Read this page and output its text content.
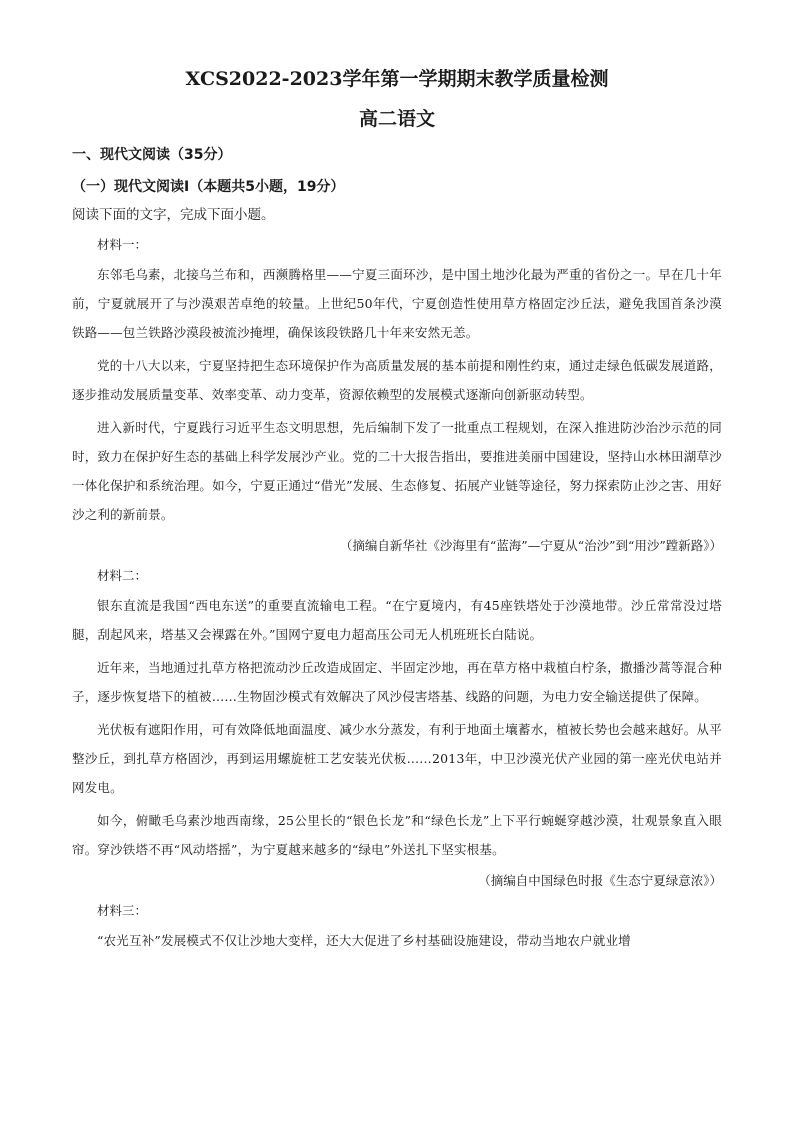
XCS2022-2023学年第一学期期末教学质量检测
高二语文
一、现代文阅读（35分）
（一）现代文阅读Ⅰ（本题共5小题，19分）
阅读下面的文字，完成下面小题。
材料一：

东邻毛乌素，北接乌兰布和，西濒腾格里——宁夏三面环沙，是中国土地沙化最为严重的省份之一。早在几十年前，宁夏就展开了与沙漠艰苦卓绝的较量。上世纪50年代，宁夏创造性使用草方格固定沙丘法，避免我国首条沙漠铁路——包兰铁路沙漠段被流沙掩埋，确保该段铁路几十年来安然无恙。

党的十八大以来，宁夏坚持把生态环境保护作为高质量发展的基本前提和刚性约束，通过走绿色低碳发展道路，逐步推动发展质量变革、效率变革、动力变革，资源依赖型的发展模式逐渐向创新驱动转型。

进入新时代，宁夏践行习近平生态文明思想，先后编制下发了一批重点工程规划，在深入推进防沙治沙示范的同时，致力在保护好生态的基础上科学发展沙产业。党的二十大报告指出，要推进美丽中国建设，坚持山水林田湖草沙一体化保护和系统治理。如今，宁夏正通过“借光”发展、生态修复、拓展产业链等途径，努力探索防止沙之害、用好沙之利的新前景。

（摘编自新华社《沙海里有“蓝海”—宁夏从“治沙”到“用沙”蹚新路》）
材料二：

银东直流是我国“西电东送”的重要直流输电工程。“在宁夏境内，有45座铁塔处于沙漠地带。沙丘常常没过塔腿，刮起风来，塔基又会裸露在外。”国网宁夏电力超高压公司无人机班班长白陆说。

近年来，当地通过扎草方格把流动沙丘改造成固定、半固定沙地，再在草方格中栽植白柠条，撒播沙蒿等混合种子，逐步恢复塔下的植被……生物固沙模式有效解决了风沙侵害塔基、线路的问题，为电力安全输送提供了保障。

光伏板有遮阳作用，可有效降低地面温度、减少水分蒸发，有利于地面土壤蓄水，植被长势也会越来越好。从平整沙丘，到扎草方格固沙，再到运用螺旋桩工艺安装光伏板……2013年，中卫沙漠光伏产业园的第一座光伏电站并网发电。

如今，俯瞰毛乌素沙地西南缘，25公里长的“银色长龙”和“绿色长龙”上下平行蜿蜒穿越沙漠，壮观景象直入眼帘。穿沙铁塔不再“风动塔摇”，为宁夏越来越多的“绿电”外送扎下坚实根基。

（摘编自中国绿色时报《生态宁夏绿意浓》）
材料三：

“农光互补”发展模式不仅让沙地大变样，还大大促进了乡村基础设施建设，带动当地农户就业增
